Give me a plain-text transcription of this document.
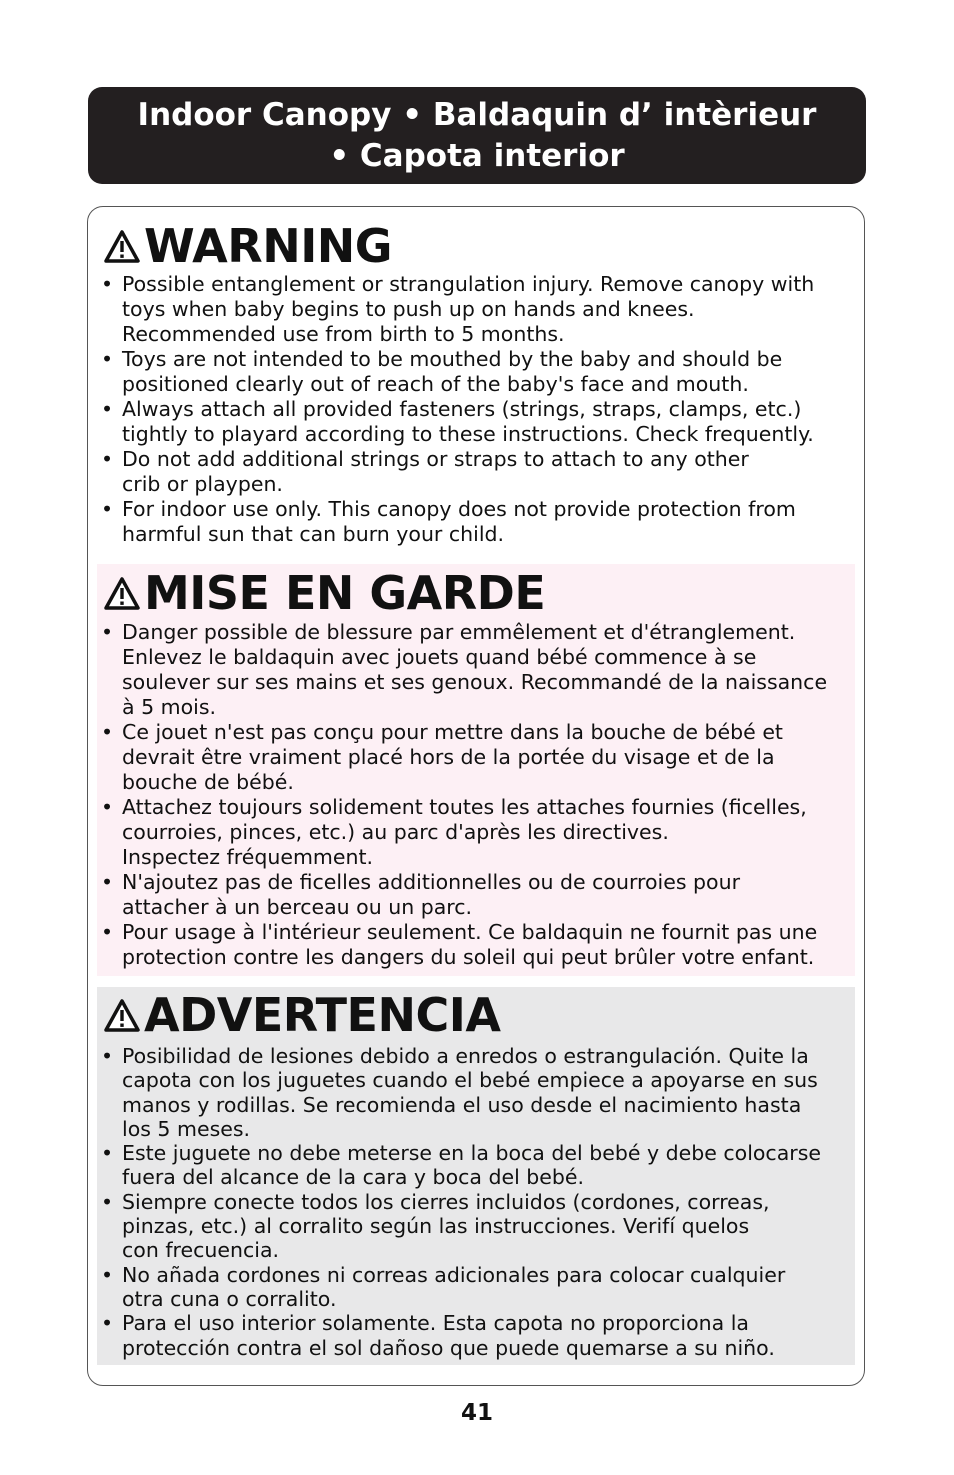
Indoor Canopy • Baldaquin d’ intèrieur
• Capota interior
WARNING
• Possible entanglement or strangulation injury. Remove canopy with
toys when baby begins to push up on hands and knees.
Recommended use from birth to 5 months.
• Toys are not intended to be mouthed by the baby and should be
positioned clearly out of reach of the baby's face and mouth.
• Always attach all provided fasteners (strings, straps, clamps, etc.)
tightly to playard according to these instructions. Check frequently.
• Do not add additional strings or straps to attach to any other
crib or playpen.
• For indoor use only. This canopy does not provide protection from
harmful sun that can burn your child.
MISE EN GARDE
• Danger possible de blessure par emmêlement et d'étranglement.
Enlevez le baldaquin avec jouets quand bébé commence à se
soulever sur ses mains et ses genoux. Recommandé de la naissance
à 5 mois.
• Ce jouet n'est pas conçu pour mettre dans la bouche de bébé et
devrait être vraiment placé hors de la portée du visage et de la
bouche de bébé.
• Attachez toujours solidement toutes les attaches fournies (ficelles,
courroies, pinces, etc.) au parc d'après les directives.
Inspectez fréquemment.
• N'ajoutez pas de ficelles additionnelles ou de courroies pour
attacher à un berceau ou un parc.
• Pour usage à l'intérieur seulement. Ce baldaquin ne fournit pas une
protection contre les dangers du soleil qui peut brûler votre enfant.
ADVERTENCIA
• Posibilidad de lesiones debido a enredos o estrangulación. Quite la
capota con los juguetes cuando el bebé empiece a apoyarse en sus
manos y rodillas. Se recomienda el uso desde el nacimiento hasta
los 5 meses.
• Este juguete no debe meterse en la boca del bebé y debe colocarse
fuera del alcance de la cara y boca del bebé.
• Siempre conecte todos los cierres incluidos (cordones, correas,
pinzas, etc.) al corralito según las instrucciones. Verifí quelos
con frecuencia.
• No añada cordones ni correas adicionales para colocar cualquier
otra cuna o corralito.
• Para el uso interior solamente. Esta capota no proporciona la
protección contra el sol dañoso que puede quemarse a su niño.
41
